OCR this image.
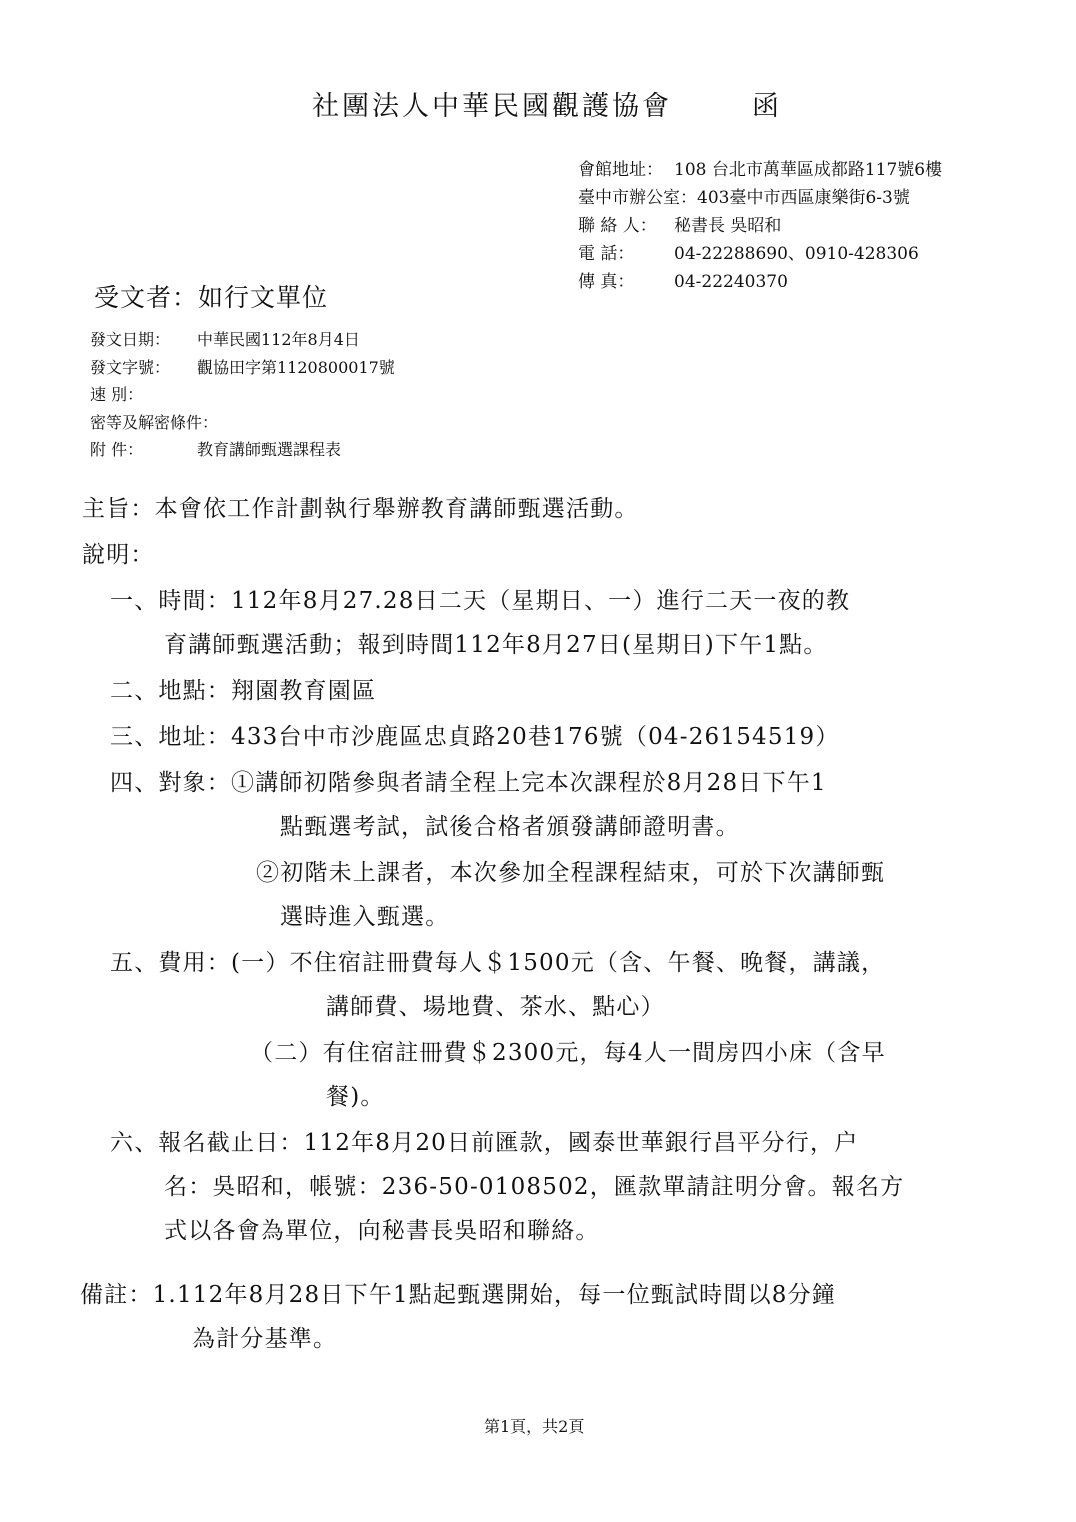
社團法人中華民國觀護協會	函
會館地址： 108 台北市萬華區成都路117號6樓
臺中市辦公室：403臺中市西區康樂街6-3號
聯 絡 人： 秘書長 吳昭和
電 話： 04-22288690、0910-428306
傳 真： 04-22240370
受文者：如行文單位
發文日期： 中華民國112年8月4日
發文字號： 觀協田字第1120800017號
速 別：
密等及解密條件：
附 件：	教育講師甄選課程表
主旨：本會依工作計劃執行舉辦教育講師甄選活動。
說明：
一、時間：112年8月27.28日二天（星期日、一）進行二天一夜的教
育講師甄選活動；報到時間112年8月27日(星期日)下午1點。
二、地點：翔園教育園區
三、地址：433台中市沙鹿區忠貞路20巷176號（04-26154519）
四、對象：①講師初階參與者請全程上完本次課程於8月28日下午1
點甄選考試，試後合格者頒發講師證明書。
②初階未上課者，本次參加全程課程結束，可於下次講師甄
選時進入甄選。
五、費用：(一）不住宿註冊費每人＄1500元（含、午餐、晚餐，講議，
講師費、場地費、茶水、點心）
（二）有住宿註冊費＄2300元，每4人一間房四小床（含早
餐)。
六、報名截止日：112年8月20日前匯款，國泰世華銀行昌平分行，户
名：吳昭和，帳號：236-50-0108502，匯款單請註明分會。報名方
式以各會為單位，向秘書長吳昭和聯絡。
備註：1.112年8月28日下午1點起甄選開始，每一位甄試時間以8分鐘
為計分基準。
第1頁，共2頁
